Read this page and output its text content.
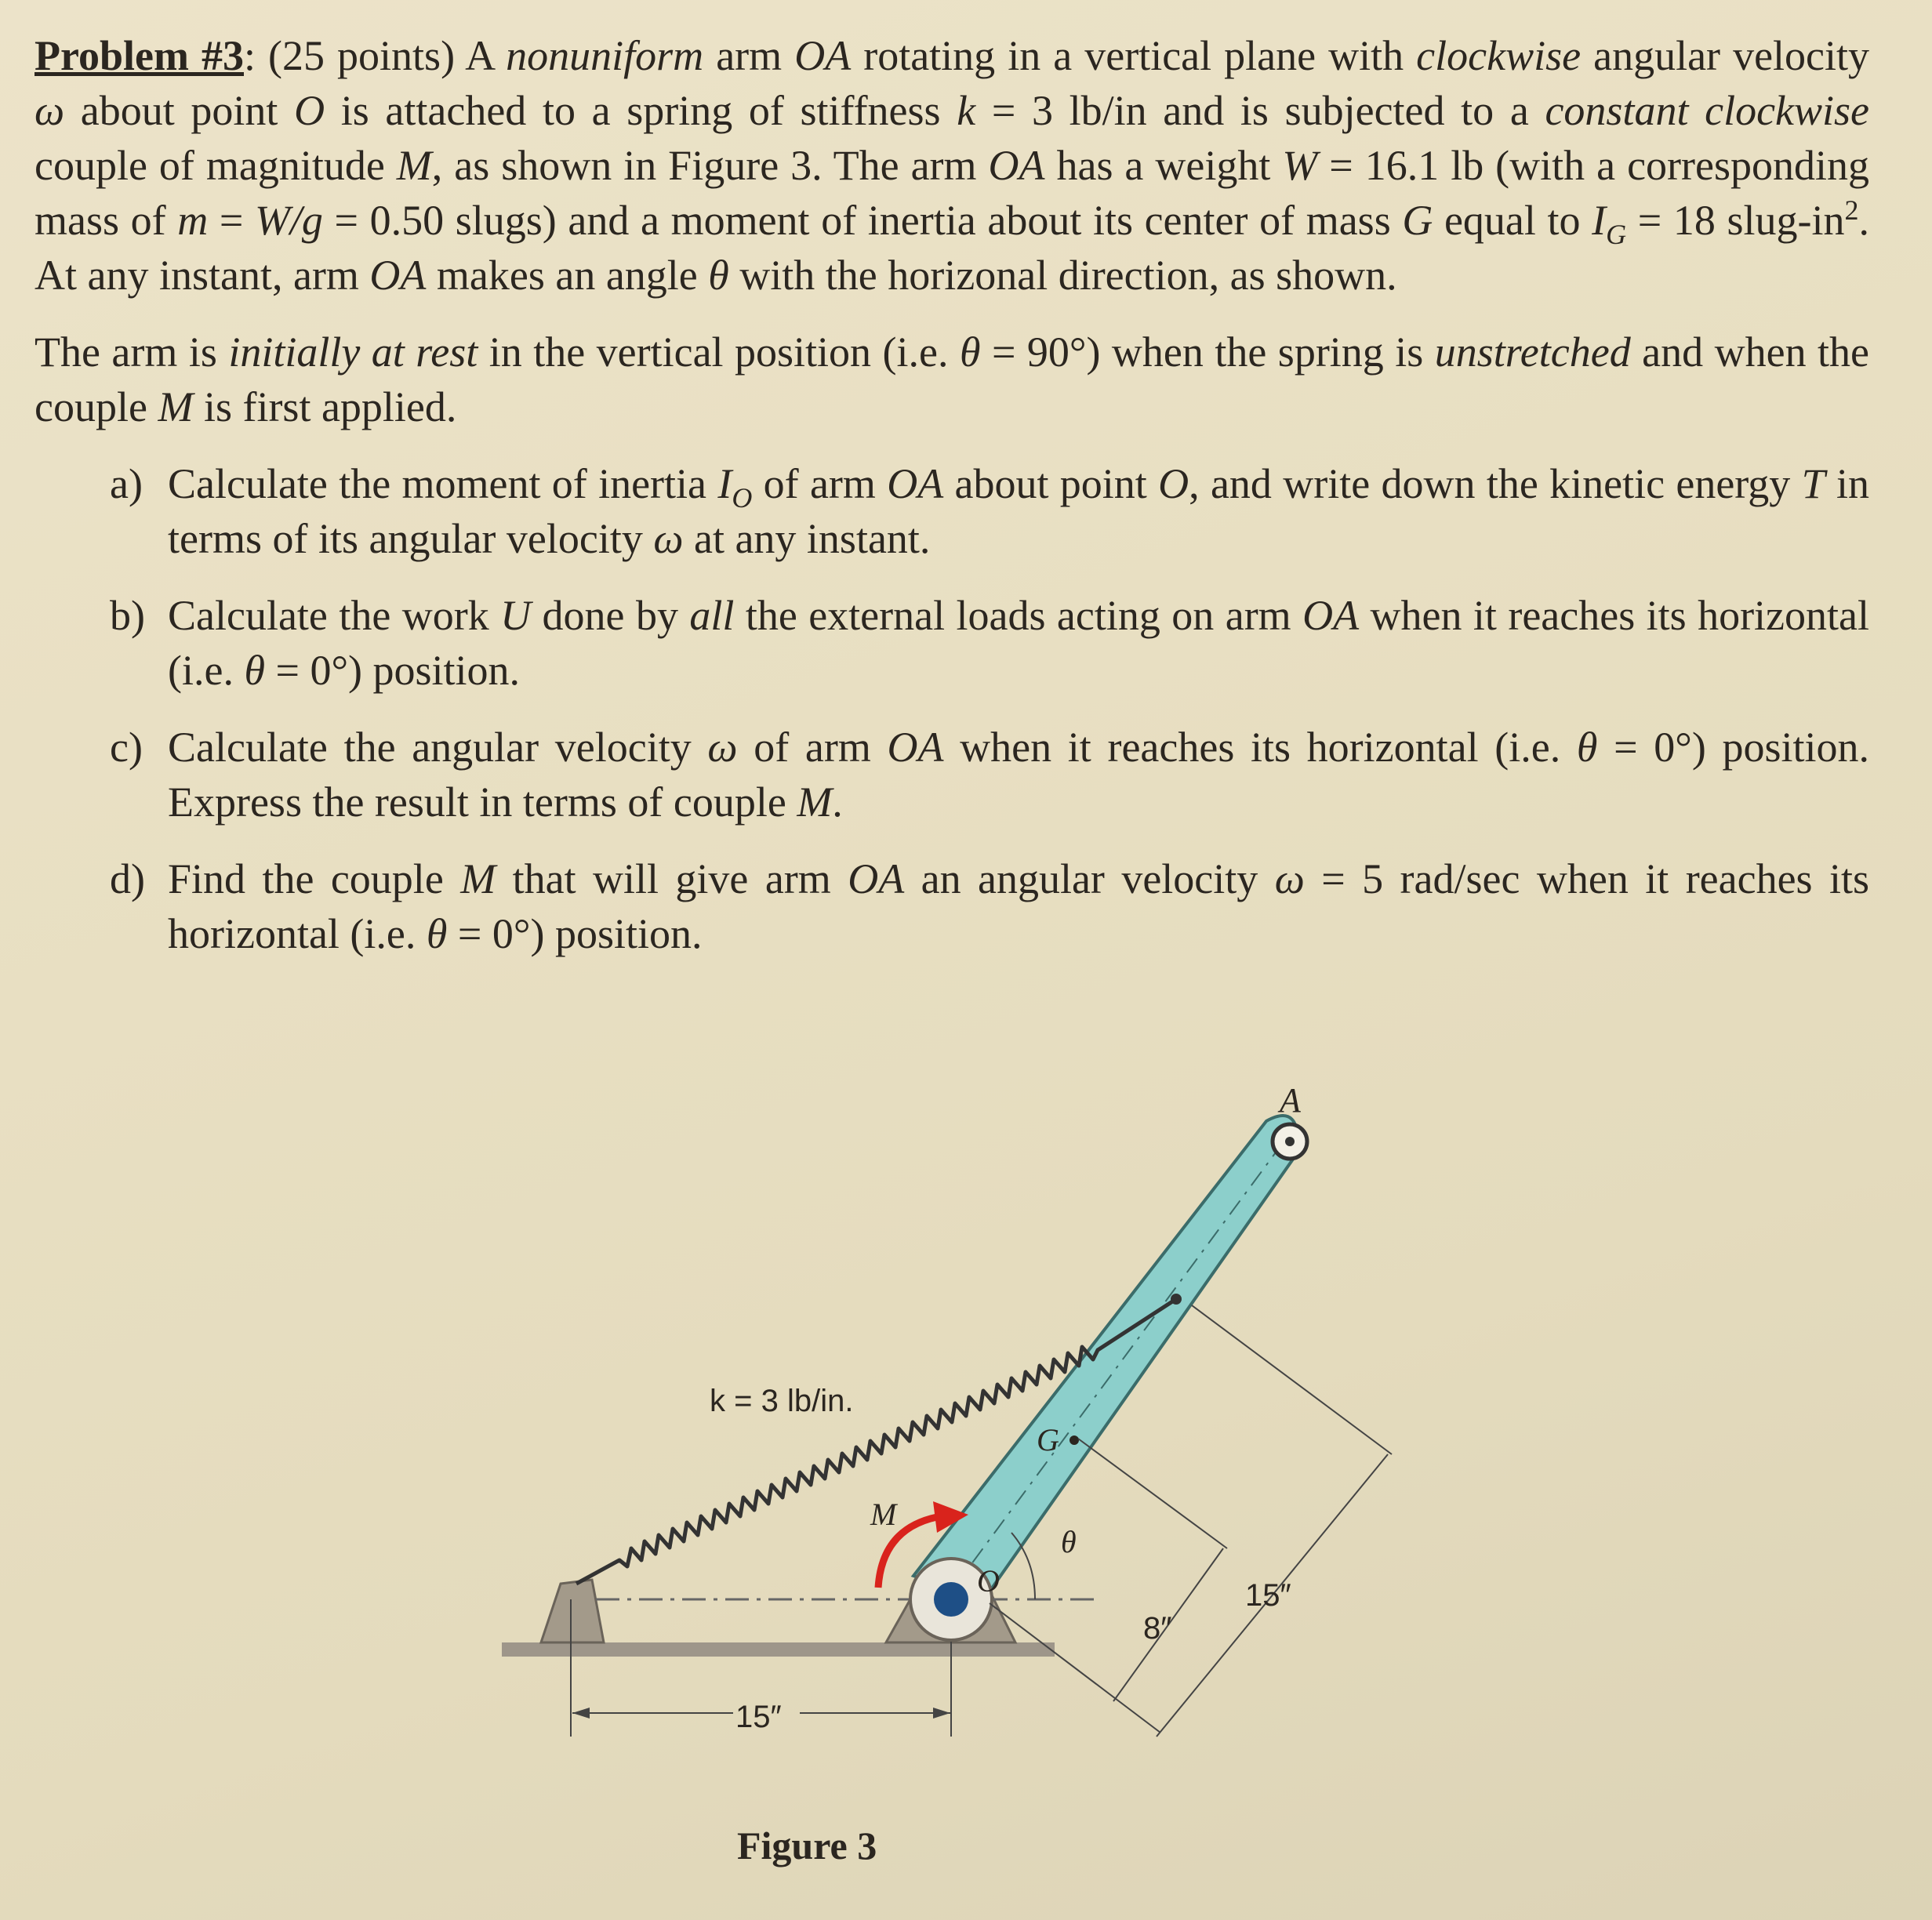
Problem #3: (25 points) A nonuniform arm OA rotating in a vertical plane with clockwise angular velocity ω about point O is attached to a spring of stiffness k = 3 lb/in and is subjected to a constant clockwise couple of magnitude M, as shown in Figure 3. The arm OA has a weight W = 16.1 lb (with a corresponding mass of m = W/g = 0.50 slugs) and a moment of inertia about its center of mass G equal to $I_G = 18$ slug-$in^2$. At any instant, arm OA makes an angle θ with the horizonal direction, as shown.

The arm is initially at rest in the vertical position (i.e. θ = 90°) when the spring is unstretched and when the couple M is first applied.

a) Calculate the moment of inertia $I_O$ of arm OA about point O, and write down the kinetic energy T in terms of its angular velocity ω at any instant.
b) Calculate the work U done by all the external loads acting on arm OA when it reaches its horizontal (i.e. θ = 0°) position.
c) Calculate the angular velocity ω of arm OA when it reaches its horizontal (i.e. θ = 0°) position. Express the result in terms of couple M.
d) Find the couple M that will give arm OA an angular velocity ω = 5 rad/sec when it reaches its horizontal (i.e. θ = 0°) position.
15″
A
G
O
k = 3 lb/in.
M
θ
8″
15″
Figure 3
